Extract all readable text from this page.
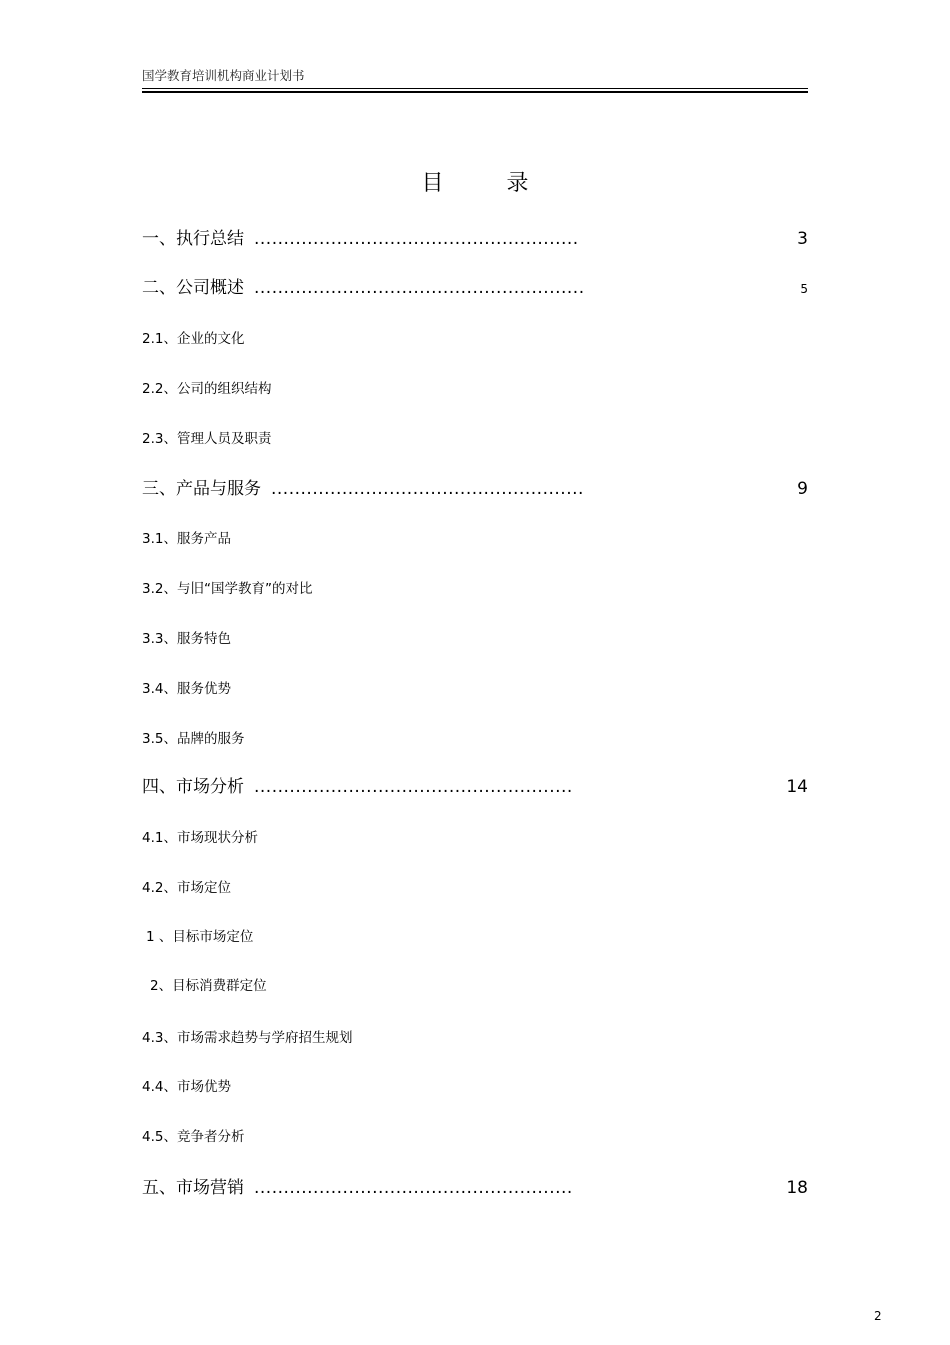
国学教育培训机构商业计划书
目 录
一、执行总结 .......................................................	3
二、公司概述 ........................................................	5
2.1、企业的文化
2.2、公司的组织结构
2.3、管理人员及职责
三、产品与服务 .....................................................	9
3.1、服务产品
3.2、与旧“国学教育”的对比
3.3、服务特色
3.4、服务优势
3.5、品牌的服务
四、市场分析 ......................................................	14
4.1、市场现状分析
4.2、市场定位
1 、目标市场定位
2、目标消费群定位
4.3、市场需求趋势与学府招生规划
4.4、市场优势
4.5、竞争者分析
五、市场营销 ......................................................	18
2
